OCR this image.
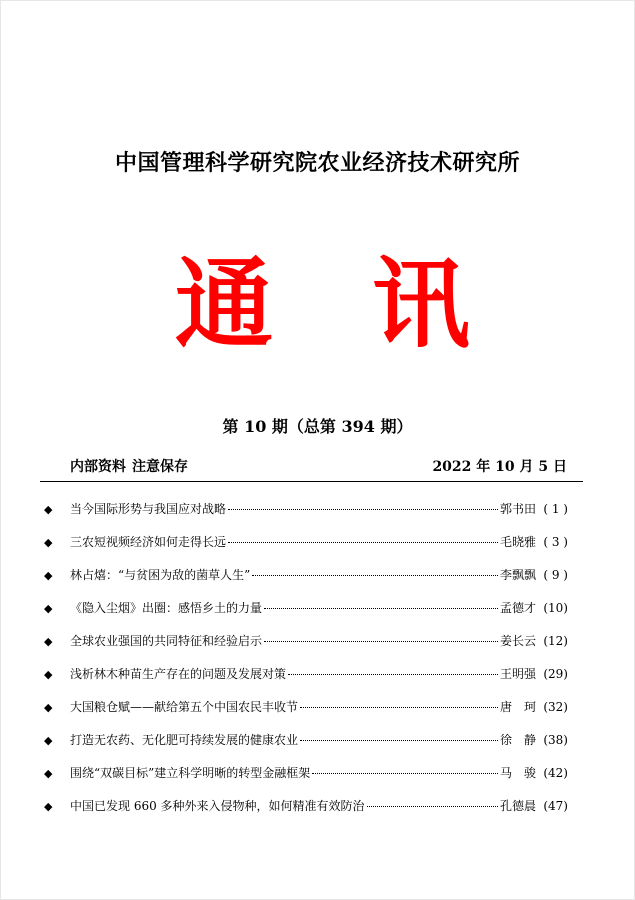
中国管理科学研究院农业经济技术研究所
通 讯
第 10 期（总第 394 期）
内部资料 注意保存	2022 年 10 月 5 日
◆	当今国际形势与我国应对战略	郭书田 ( 1 )
◆	三农短视频经济如何走得长远	毛晓雅 ( 3 )
◆	林占熺：“与贫困为敌的菌草人生”	李飘飘 ( 9 )
◆	《隐入尘烟》出圈：感悟乡土的力量	孟德才 (10)
◆	全球农业强国的共同特征和经验启示	姜长云 (12)
◆	浅析林木种苗生产存在的问题及发展对策	王明强 (29)
◆	大国粮仓赋——献给第五个中国农民丰收节	唐　珂 (32)
◆	打造无农药、无化肥可持续发展的健康农业	徐　静 (38)
◆	围绕“双碳目标”建立科学明晰的转型金融框架	马　骏 (42)
◆	中国已发现 660 多种外来入侵物种，如何精准有效防治	孔德晨 (47)
